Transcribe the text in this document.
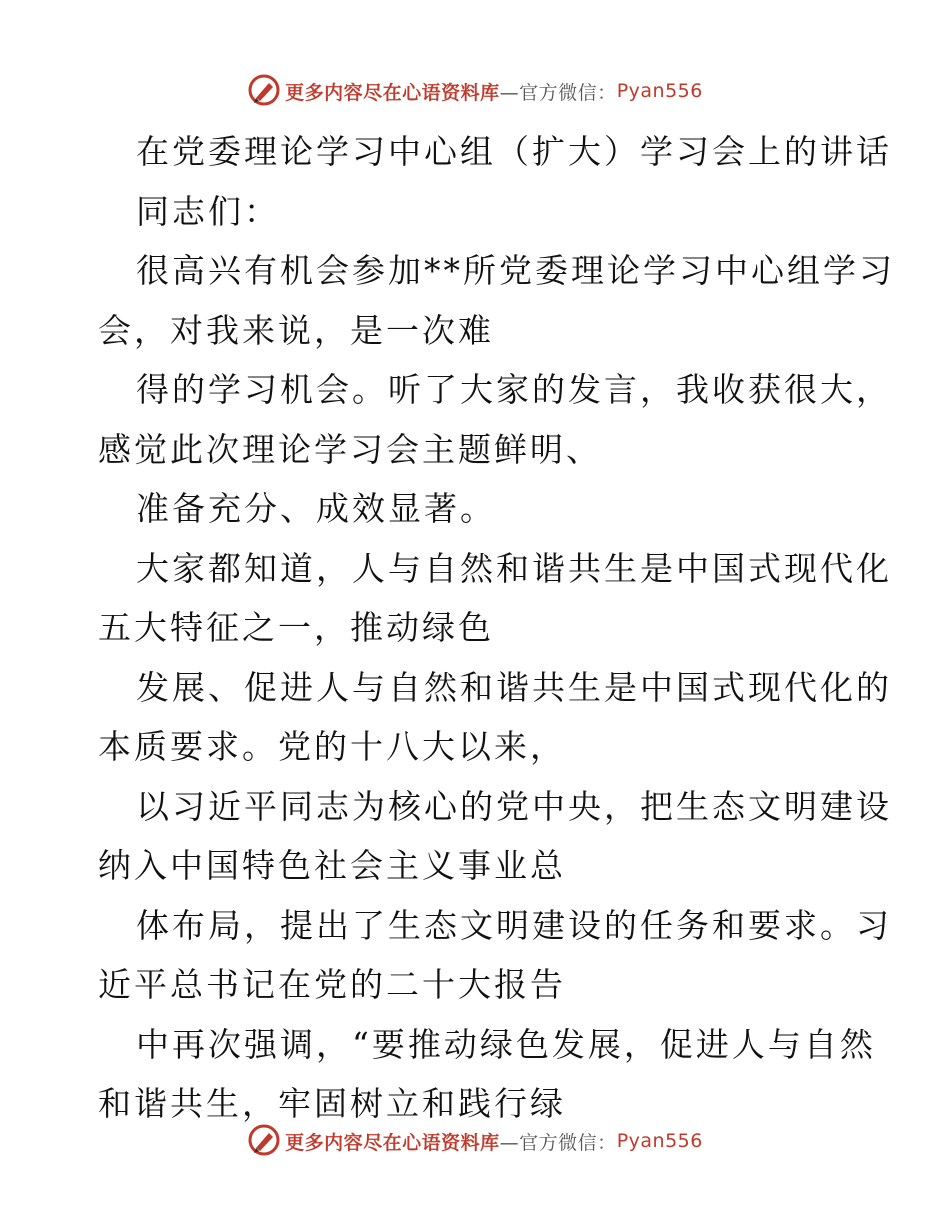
更多内容尽在心语资料库 —官方微信： Pyan556
在党委理论学习中心组（扩大）学习会上的讲话
同志们：
很高兴有机会参加**所党委理论学习中心组学习
会，对我来说，是一次难
得的学习机会。听了大家的发言，我收获很大，
感觉此次理论学习会主题鲜明、
准备充分、成效显著。
大家都知道，人与自然和谐共生是中国式现代化
五大特征之一，推动绿色
发展、促进人与自然和谐共生是中国式现代化的
本质要求。党的十八大以来，
以习近平同志为核心的党中央，把生态文明建设
纳入中国特色社会主义事业总
体布局，提出了生态文明建设的任务和要求。习
近平总书记在党的二十大报告
中再次强调，“要推动绿色发展，促进人与自然
和谐共生，牢固树立和践行绿
更多内容尽在心语资料库 —官方微信： Pyan556
